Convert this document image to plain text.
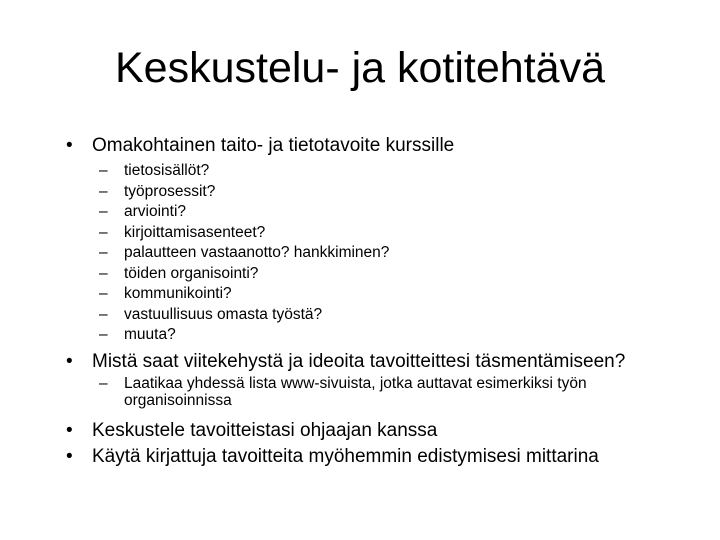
Keskustelu- ja kotitehtävä
• Omakohtainen taito- ja tietotavoite kurssille
– tietosisällöt?
– työprosessit?
– arviointi?
– kirjoittamisasenteet?
– palautteen vastaanotto? hankkiminen?
– töiden organisointi?
– kommunikointi?
– vastuullisuus omasta työstä?
– muuta?
• Mistä saat viitekehystä ja ideoita tavoitteittesi täsmentämiseen?
– Laatikaa yhdessä lista www-sivuista, jotka auttavat esimerkiksi työn organisoinnissa
• Keskustele tavoitteistasi ohjaajan kanssa
• Käytä kirjattuja tavoitteita myöhemmin edistymisesi mittarina
